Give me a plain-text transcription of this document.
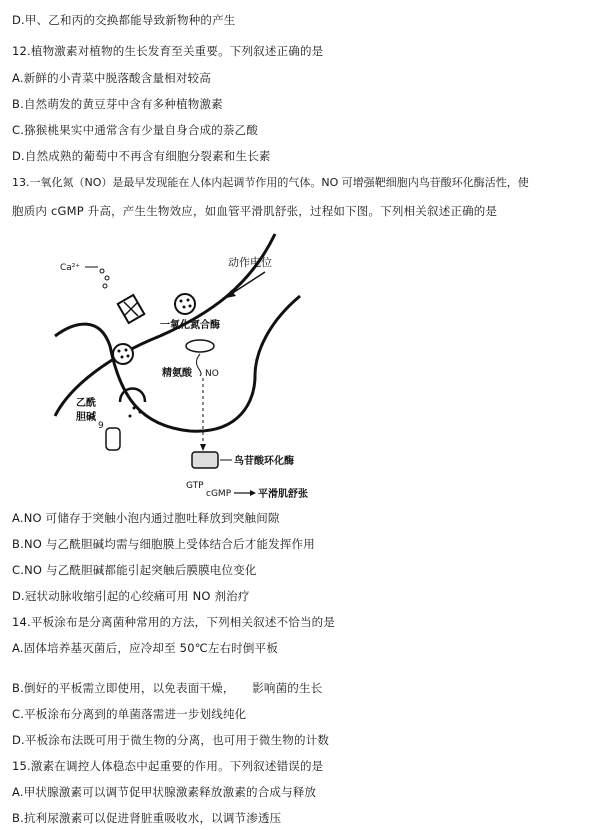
D.甲、乙和丙的交换都能导致新物种的产生
12.植物激素对植物的生长发育至关重要。下列叙述正确的是
A.新鲜的小青菜中脱落酸含量相对较高
B.自然萌发的黄豆芽中含有多种植物激素
C.猕猴桃果实中通常含有少量自身合成的萘乙酸
D.自然成熟的葡萄中不再含有细胞分裂素和生长素
13.一氧化氮（NO）是最早发现能在人体内起调节作用的气体。NO 可增强靶细胞内鸟苷酸环化酶活性，使
胞质内 cGMP 升高，产生生物效应，如血管平滑肌舒张，过程如下图。下列相关叙述正确的是
Ca²⁺	动作电位
一氧化氮合酶
精氨酸 NO
乙酰
胆碱
9
鸟苷酸环化酶
GTP
cGMP	平滑肌舒张
A.NO 可储存于突触小泡内通过胞吐释放到突触间隙
B.NO 与乙酰胆碱均需与细胞膜上受体结合后才能发挥作用
C.NO 与乙酰胆碱都能引起突触后膜膜电位变化
D.冠状动脉收缩引起的心绞痛可用 NO 剂治疗
14.平板涂布是分离菌种常用的方法，下列相关叙述不恰当的是
A.固体培养基灭菌后，应冷却至 50℃左右时倒平板
B.倒好的平板需立即使用，以免表面干燥，　　影响菌的生长
C.平板涂布分离到的单菌落需进一步划线纯化
D.平板涂布法既可用于微生物的分离，也可用于微生物的计数
15.激素在调控人体稳态中起重要的作用。下列叙述错误的是
A.甲状腺激素可以调节促甲状腺激素释放激素的合成与释放
B.抗利尿激素可以促进肾脏重吸收水，以调节渗透压
